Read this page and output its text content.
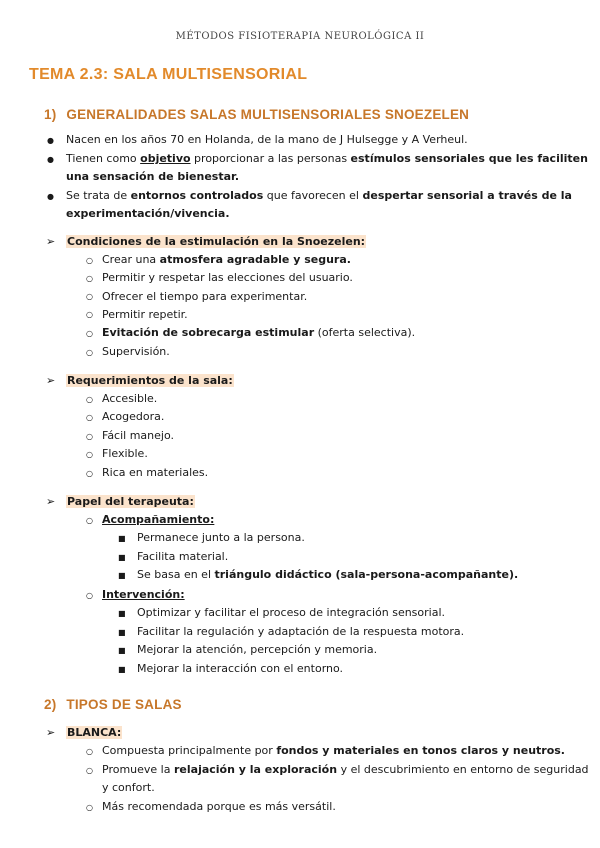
MÉTODOS FISIOTERAPIA NEUROLÓGICA II
TEMA 2.3: SALA MULTISENSORIAL
1) GENERALIDADES SALAS MULTISENSORIALES SNOEZELEN
● Nacen en los años 70 en Holanda, de la mano de J Hulsegge y A Verheul.
● Tienen como objetivo proporcionar a las personas estímulos sensoriales que les faciliten
una sensación de bienestar.
● Se trata de entornos controlados que favorecen el despertar sensorial a través de la
experimentación/vivencia.
➢ Condiciones de la estimulación en la Snoezelen:
○ Crear una atmosfera agradable y segura.
○ Permitir y respetar las elecciones del usuario.
○ Ofrecer el tiempo para experimentar.
○ Permitir repetir.
○ Evitación de sobrecarga estimular (oferta selectiva).
○ Supervisión.
➢ Requerimientos de la sala:
○ Accesible.
○ Acogedora.
○ Fácil manejo.
○ Flexible.
○ Rica en materiales.
➢ Papel del terapeuta:
○ Acompañamiento:
■ Permanece junto a la persona.
■ Facilita material.
■ Se basa en el triángulo didáctico (sala-persona-acompañante).
○ Intervención:
■ Optimizar y facilitar el proceso de integración sensorial.
■ Facilitar la regulación y adaptación de la respuesta motora.
■ Mejorar la atención, percepción y memoria.
■ Mejorar la interacción con el entorno.
2) TIPOS DE SALAS
➢ BLANCA:
○ Compuesta principalmente por fondos y materiales en tonos claros y neutros.
○ Promueve la relajación y la exploración y el descubrimiento en entorno de seguridad
y confort.
○ Más recomendada porque es más versátil.
